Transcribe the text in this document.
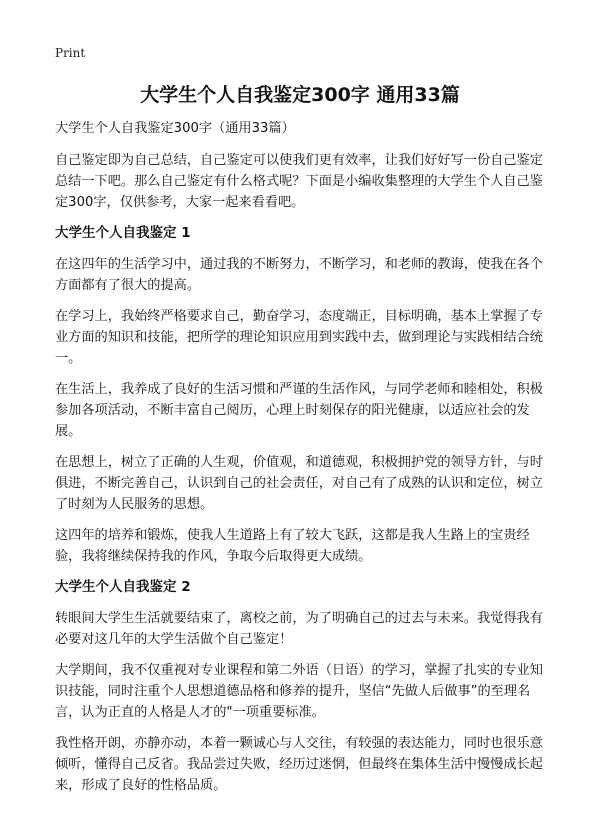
Print
大学生个人自我鉴定300字 通用33篇

大学生个人自我鉴定300字（通用33篇）

自己鉴定即为自己总结，自己鉴定可以使我们更有效率，让我们好好写一份自己鉴定总结一下吧。那么自己鉴定有什么格式呢？下面是小编收集整理的大学生个人自己鉴定300字，仅供参考，大家一起来看看吧。

大学生个人自我鉴定 1

在这四年的生活学习中，通过我的不断努力，不断学习，和老师的教诲，使我在各个方面都有了很大的提高。

在学习上，我始终严格要求自己，勤奋学习，态度端正，目标明确，基本上掌握了专业方面的知识和技能，把所学的理论知识应用到实践中去，做到理论与实践相结合统一。

在生活上，我养成了良好的生活习惯和严谨的生活作风，与同学老师和睦相处，积极参加各项活动，不断丰富自己阅历，心理上时刻保存的阳光健康，以适应社会的发展。

在思想上，树立了正确的人生观，价值观，和道德观，积极拥护党的领导方针，与时俱进，不断完善自己，认识到自己的社会责任，对自己有了成熟的认识和定位，树立了时刻为人民服务的思想。

这四年的培养和锻炼，使我人生道路上有了较大飞跃，这都是我人生路上的宝贵经验，我将继续保持我的作风，争取今后取得更大成绩。

大学生个人自我鉴定 2

转眼间大学生生活就要结束了，离校之前，为了明确自己的过去与未来。我觉得我有必要对这几年的大学生活做个自己鉴定！

大学期间，我不仅重视对专业课程和第二外语（日语）的学习，掌握了扎实的专业知识技能，同时注重个人思想道德品格和修养的提升，坚信“先做人后做事”的至理名言，认为正直的人格是人才的"一项重要标准。

我性格开朗，亦静亦动，本着一颗诚心与人交往，有较强的表达能力，同时也很乐意倾听，懂得自己反省。我品尝过失败，经历过迷惘，但最终在集体生活中慢慢成长起来，形成了良好的性格品质。
